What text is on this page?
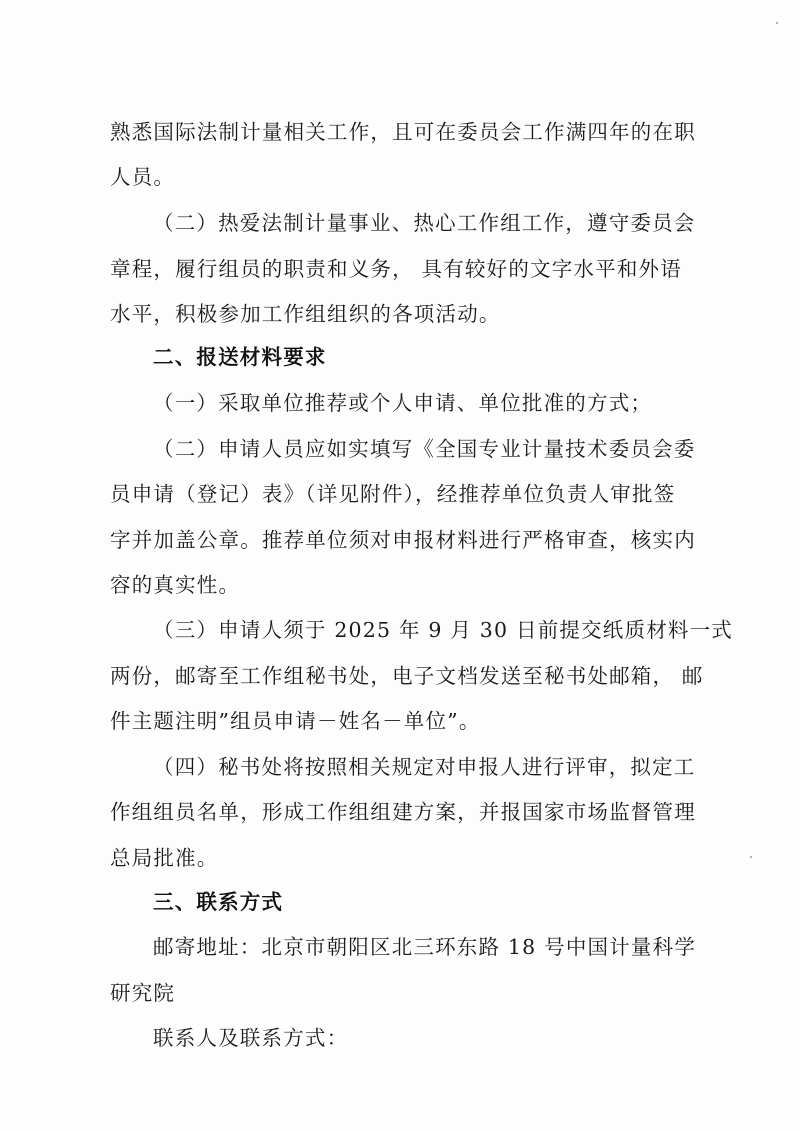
熟悉国际法制计量相关工作，且可在委员会工作满四年的在职
人员。
（二）热爱法制计量事业、热心工作组工作，遵守委员会
章程，履行组员的职责和义务， 具有较好的文字水平和外语
水平，积极参加工作组组织的各项活动。
二、报送材料要求
（一）采取单位推荐或个人申请、单位批准的方式；
（二）申请人员应如实填写《全国专业计量技术委员会委
员申请（登记）表》（详见附件），经推荐单位负责人审批签
字并加盖公章。推荐单位须对申报材料进行严格审查，核实内
容的真实性。
（三）申请人须于 2025 年 9 月 30 日前提交纸质材料一式
两份，邮寄至工作组秘书处，电子文档发送至秘书处邮箱， 邮
件主题注明”组员申请－姓名－单位”。
（四）秘书处将按照相关规定对申报人进行评审，拟定工
作组组员名单，形成工作组组建方案，并报国家市场监督管理
总局批准。
三、联系方式
邮寄地址：北京市朝阳区北三环东路 18 号中国计量科学
研究院
联系人及联系方式：
